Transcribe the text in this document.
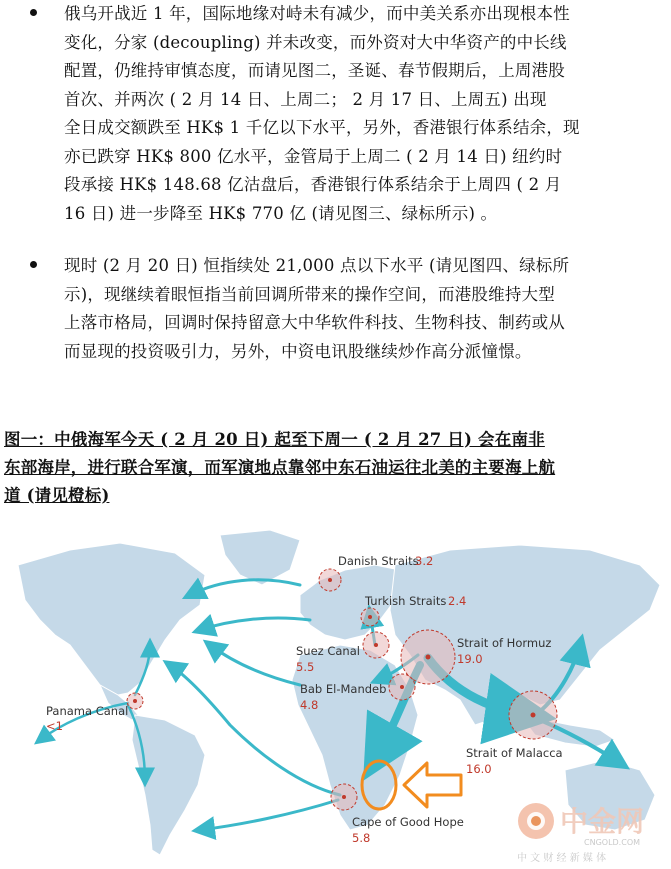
俄乌开战近 1 年，国际地缘对峙未有减少，而中美关系亦出现根本性
变化，分家 (decoupling) 并未改变，而外资对大中华资产的中长线
配置，仍维持审慎态度，而请见图二，圣诞、春节假期后，上周港股
首次、并两次 ( 2 月 14 日、上周二； 2 月 17 日、上周五) 出现
全日成交额跌至 HK$ 1 千亿以下水平，另外，香港银行体系结余，现
亦已跌穿 HK$ 800 亿水平，金管局于上周二 ( 2 月 14 日) 纽约时
段承接 HK$ 148.68 亿沽盘后，香港银行体系结余于上周四 ( 2 月
16 日) 进一步降至 HK$ 770 亿 (请见图三、绿标所示) 。
现时 (2 月 20 日) 恒指续处 21,000 点以下水平 (请见图四、绿标所
示)，现继续着眼恒指当前回调所带来的操作空间，而港股维持大型
上落市格局，回调时保持留意大中华软件科技、生物科技、制药或从
而显现的投资吸引力，另外，中资电讯股继续炒作高分派憧憬。
图一：中俄海军今天 ( 2 月 20 日) 起至下周一 ( 2 月 27 日) 会在南非
东部海岸，进行联合军演，而军演地点靠邻中东石油运往北美的主要海上航
道 (请见橙标)
Danish Straits
3.2
Turkish Straits 2.4
Suez Canal
5.5
Strait of Hormuz
19.0
Bab El-Mandeb
4.8
Panama Canal
<1
Strait of Malacca
16.0
Cape of Good Hope
5.8	中金网
CNGOLD.COM
中 文 财 经 新 媒 体
